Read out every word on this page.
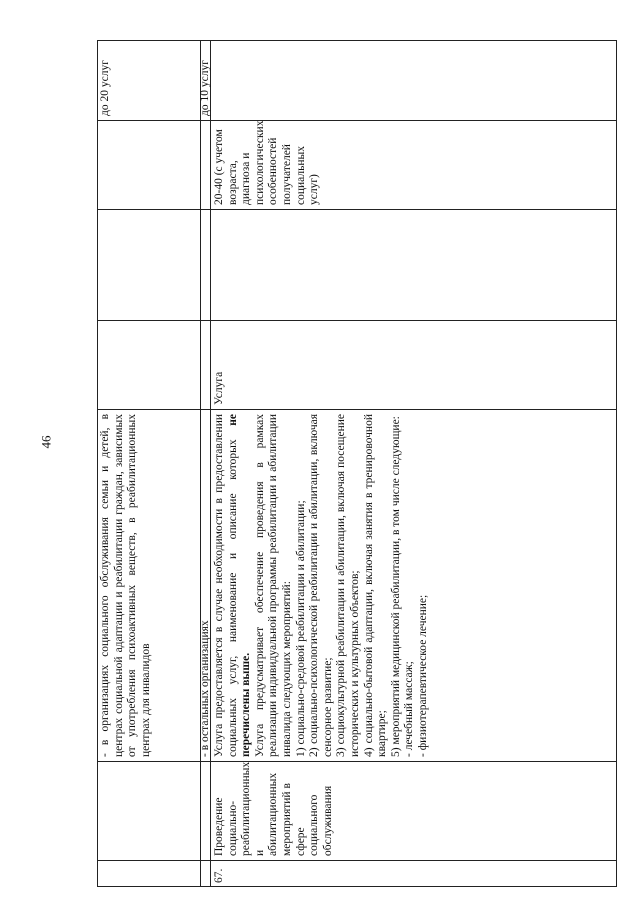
46	- в организациях социального обслуживания семьи и детей, в центрах социальной адаптации и реабилитации граждан, зависимых от употребления психоактивных веществ, в реабилитационных центрах для инвалидов
до 20 услуг
- в остальных организациях
до 10 услуг
67.
Проведение социально-реабилитационных и абилитационных мероприятий в сфере социального обслуживания
Услуга предоставляется в случае необходимости в предоставлении социальных услуг, наименование и описание которых не перечислены выше. Услуга предусматривает обеспечение проведения в рамках реализации индивидуальной программы реабилитации и абилитации инвалида следующих мероприятий: 1) социально-средовой реабилитации и абилитации; 2) социально-психологической реабилитации и абилитации, включая сенсорное развитие; 3) социокультурной реабилитации и абилитации, включая посещение исторических и культурных объектов; 4) социально-бытовой адаптации, включая занятия в тренировочной квартире; 5) мероприятий медицинской реабилитации, в том числе следующие: - лечебный массаж; - физиотерапевтическое лечение;
Услуга
20-40 (с учетом возраста, диагноза и психологических особенностей получателей социальных услуг)
